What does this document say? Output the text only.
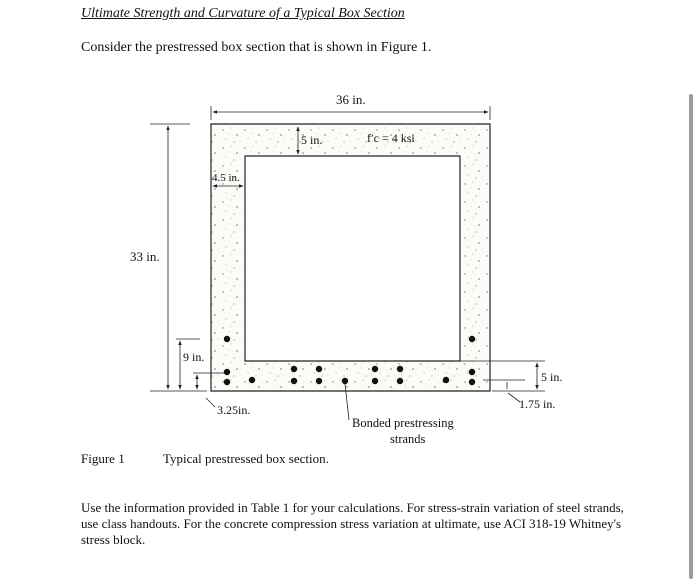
Ultimate Strength and Curvature of a Typical Box Section
Consider the prestressed box section that is shown in Figure 1.
36 in.
5 in.	f′c = 4 ksi
4.5 in.
33 in.
9 in.
3.25in.
5 in.
1.75 in.
Bonded prestressing
strands
Figure 1	Typical prestressed box section.
Use the information provided in Table 1 for your calculations. For stress-strain variation of steel strands, use class handouts. For the concrete compression stress variation at ultimate, use ACI 318-19 Whitney's stress block.
